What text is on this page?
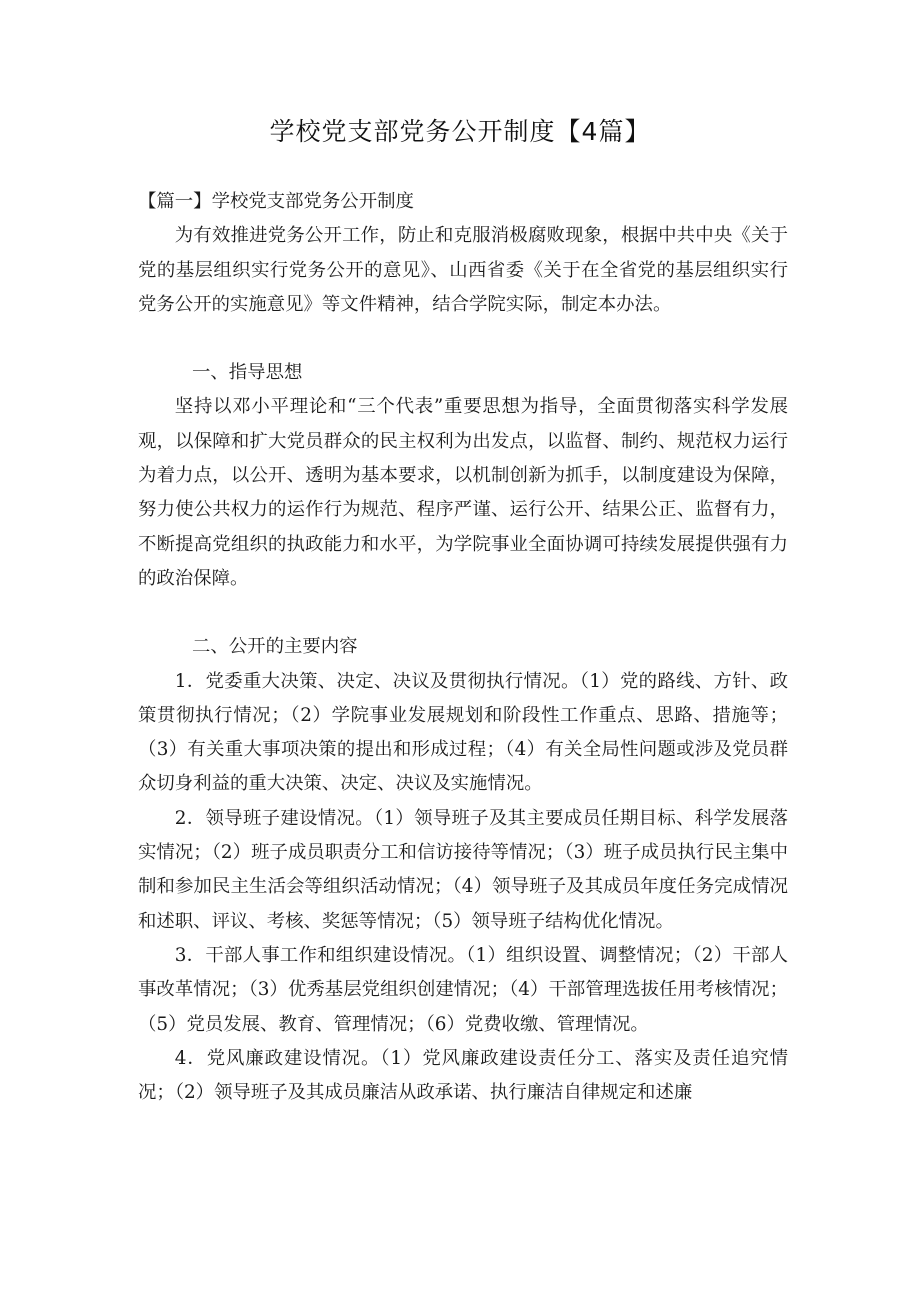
学校党支部党务公开制度【4篇】

【篇一】学校党支部党务公开制度

为有效推进党务公开工作，防止和克服消极腐败现象，根据中共中央《关于党的基层组织实行党务公开的意见》、山西省委《关于在全省党的基层组织实行党务公开的实施意见》等文件精神，结合学院实际，制定本办法。

一、指导思想

坚持以邓小平理论和“三个代表”重要思想为指导，全面贯彻落实科学发展观，以保障和扩大党员群众的民主权利为出发点，以监督、制约、规范权力运行为着力点，以公开、透明为基本要求，以机制创新为抓手，以制度建设为保障，努力使公共权力的运作行为规范、程序严谨、运行公开、结果公正、监督有力，不断提高党组织的执政能力和水平，为学院事业全面协调可持续发展提供强有力的政治保障。

二、公开的主要内容

1．党委重大决策、决定、决议及贯彻执行情况。（1）党的路线、方针、政策贯彻执行情况；（2）学院事业发展规划和阶段性工作重点、思路、措施等；（3）有关重大事项决策的提出和形成过程；（4）有关全局性问题或涉及党员群众切身利益的重大决策、决定、决议及实施情况。

2．领导班子建设情况。（1）领导班子及其主要成员任期目标、科学发展落实情况；（2）班子成员职责分工和信访接待等情况；（3）班子成员执行民主集中制和参加民主生活会等组织活动情况；（4）领导班子及其成员年度任务完成情况和述职、评议、考核、奖惩等情况；（5）领导班子结构优化情况。

3．干部人事工作和组织建设情况。（1）组织设置、调整情况；（2）干部人事改革情况；（3）优秀基层党组织创建情况；（4）干部管理选拔任用考核情况；（5）党员发展、教育、管理情况；（6）党费收缴、管理情况。

4．党风廉政建设情况。（1）党风廉政建设责任分工、落实及责任追究情况；（2）领导班子及其成员廉洁从政承诺、执行廉洁自律规定和述廉
